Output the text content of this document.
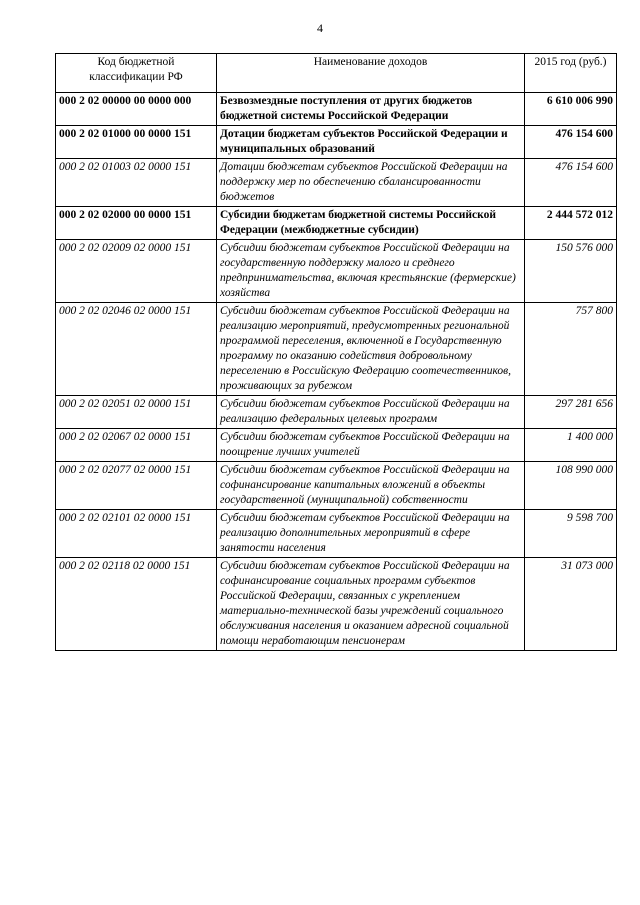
4
Код бюджетной классификации РФ	Наименование доходов	2015 год (руб.)
000 2 02 00000 00 0000 000	Безвозмездные поступления от других бюджетов бюджетной системы Российской Федерации	6 610 006 990
000 2 02 01000 00 0000 151	Дотации бюджетам субъектов Российской Федерации и муниципальных образований	476 154 600
000 2 02 01003 02 0000 151	Дотации бюджетам субъектов Российской Федерации на поддержку мер по обеспечению сбалансированности бюджетов	476 154 600
000 2 02 02000 00 0000 151	Субсидии бюджетам бюджетной системы Российской Федерации (межбюджетные субсидии)	2 444 572 012
000 2 02 02009 02 0000 151	Субсидии бюджетам субъектов Российской Федерации на государственную поддержку малого и среднего предпринимательства, включая крестьянские (фермерские) хозяйства	150 576 000
000 2 02 02046 02 0000 151	Субсидии бюджетам субъектов Российской Федерации на реализацию мероприятий, предусмотренных региональной программой переселения, включенной в Государственную программу по оказанию содействия добровольному переселению в Российскую Федерацию соотечественников, проживающих за рубежом	757 800
000 2 02 02051 02 0000 151	Субсидии бюджетам субъектов Российской Федерации на реализацию федеральных целевых программ	297 281 656
000 2 02 02067 02 0000 151	Субсидии бюджетам субъектов Российской Федерации на поощрение лучших учителей	1 400 000
000 2 02 02077 02 0000 151	Субсидии бюджетам субъектов Российской Федерации на софинансирование капитальных вложений в объекты государственной (муниципальной) собственности	108 990 000
000 2 02 02101 02 0000 151	Субсидии бюджетам субъектов Российской Федерации на реализацию дополнительных мероприятий в сфере занятости населения	9 598 700
000 2 02 02118 02 0000 151	Субсидии бюджетам субъектов Российской Федерации на софинансирование социальных программ субъектов Российской Федерации, связанных с укреплением материально-технической базы учреждений социального обслуживания населения и оказанием адресной социальной помощи неработающим пенсионерам	31 073 000
